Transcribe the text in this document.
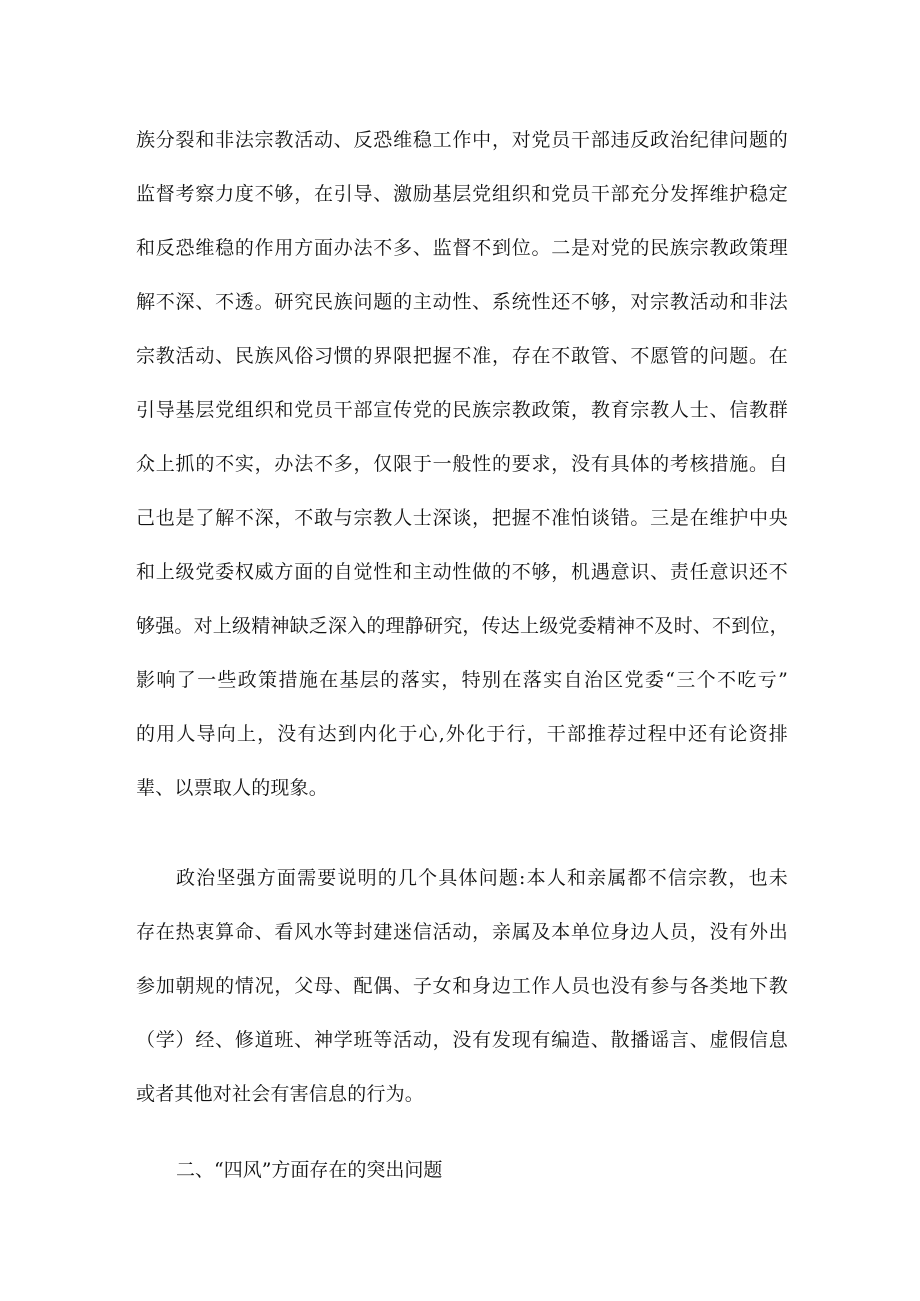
族分裂和非法宗教活动、反恐维稳工作中，对党员干部违反政治纪律问题的
监督考察力度不够，在引导、激励基层党组织和党员干部充分发挥维护稳定
和反恐维稳的作用方面办法不多、监督不到位。二是对党的民族宗教政策理
解不深、不透。研究民族问题的主动性、系统性还不够，对宗教活动和非法
宗教活动、民族风俗习惯的界限把握不准，存在不敢管、不愿管的问题。在
引导基层党组织和党员干部宣传党的民族宗教政策，教育宗教人士、信教群
众上抓的不实，办法不多，仅限于一般性的要求，没有具体的考核措施。自
己也是了解不深，不敢与宗教人士深谈，把握不准怕谈错。三是在维护中央
和上级党委权威方面的自觉性和主动性做的不够，机遇意识、责任意识还不
够强。对上级精神缺乏深入的理静研究，传达上级党委精神不及时、不到位，
影响了一些政策措施在基层的落实，特别在落实自治区党委“三个不吃亏”
的用人导向上，没有达到内化于心,外化于行，干部推荐过程中还有论资排
辈、以票取人的现象。
政治坚强方面需要说明的几个具体问题:本人和亲属都不信宗教，也未
存在热衷算命、看风水等封建迷信活动，亲属及本单位身边人员，没有外出
参加朝规的情况，父母、配偶、子女和身边工作人员也没有参与各类地下教
（学）经、修道班、神学班等活动，没有发现有编造、散播谣言、虚假信息
或者其他对社会有害信息的行为。
二、“四风”方面存在的突出问题
